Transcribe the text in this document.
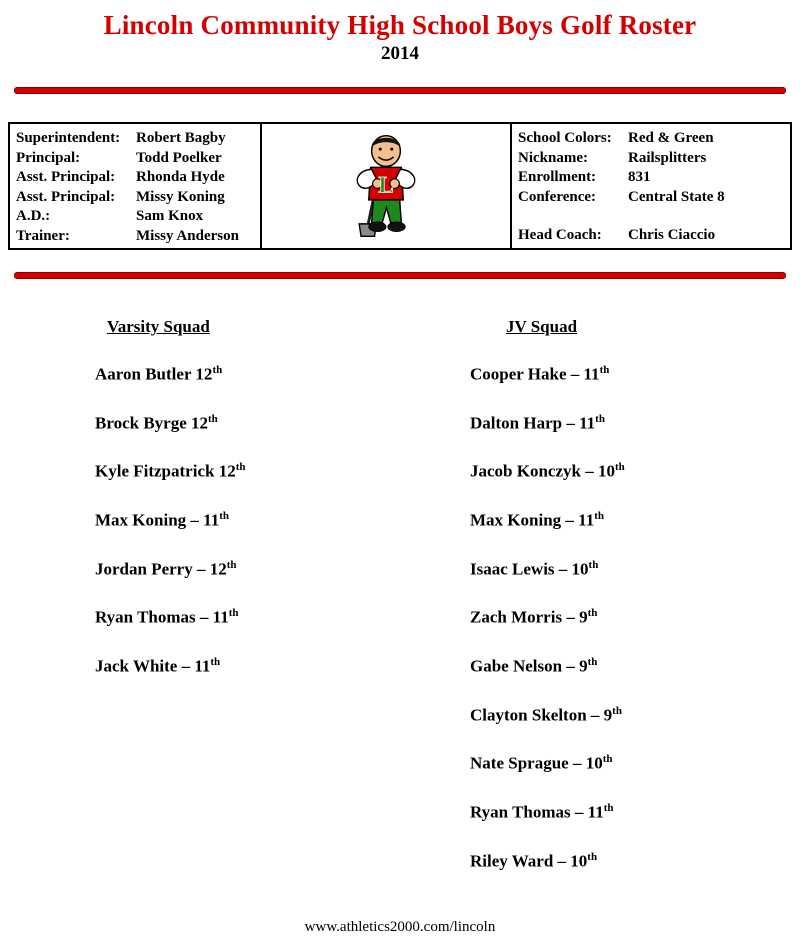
Lincoln Community High School Boys Golf Roster
2014
Superintendent:	Robert Bagby
Principal:	Todd Poelker
Asst. Principal:	Rhonda Hyde
Asst. Principal:	Missy Koning
A.D.:	Sam Knox
Trainer:	Missy Anderson
L
School Colors:	Red & Green
Nickname:	Railsplitters
Enrollment:	831
Conference:	Central State 8
Head Coach:	Chris Ciaccio
Varsity Squad

Aaron Butler 12th

Brock Byrge 12th

Kyle Fitzpatrick 12th

Max Koning – 11th

Jordan Perry – 12th

Ryan Thomas – 11th

Jack White – 11th

JV Squad

Cooper Hake – 11th

Dalton Harp – 11th

Jacob Konczyk – 10th

Max Koning – 11th

Isaac Lewis – 10th

Zach Morris – 9th

Gabe Nelson – 9th

Clayton Skelton – 9th

Nate Sprague – 10th

Ryan Thomas – 11th

Riley Ward – 10th

www.athletics2000.com/lincoln
